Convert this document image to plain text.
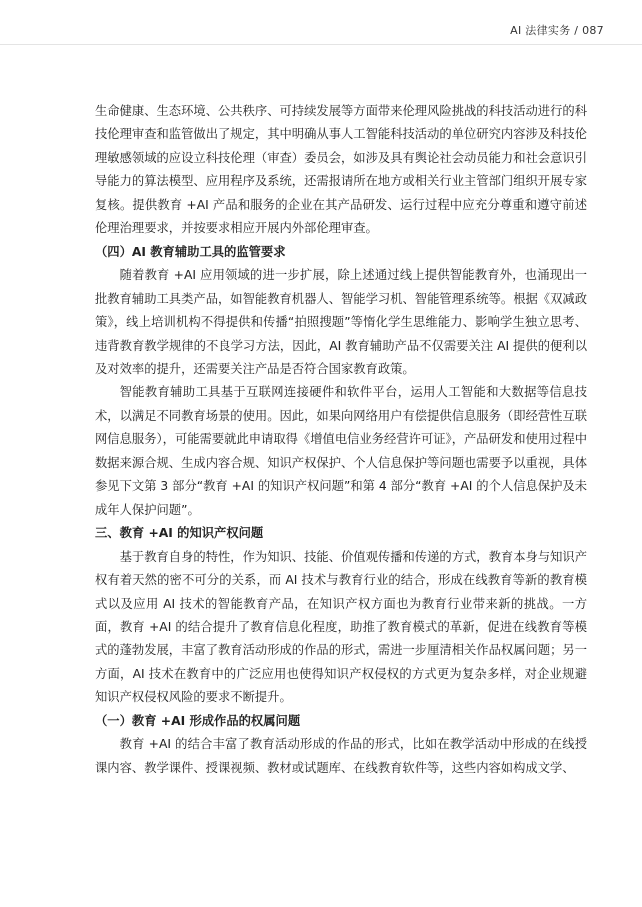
AI 法律实务 / 087

生命健康、生态环境、公共秩序、可持续发展等方面带来伦理风险挑战的科技活动进行的科技伦理审查和监管做出了规定，其中明确从事人工智能科技活动的单位研究内容涉及科技伦理敏感领域的应设立科技伦理（审查）委员会，如涉及具有舆论社会动员能力和社会意识引导能力的算法模型、应用程序及系统，还需报请所在地方或相关行业主管部门组织开展专家复核。提供教育 +AI 产品和服务的企业在其产品研发、运行过程中应充分尊重和遵守前述伦理治理要求，并按要求相应开展内外部伦理审查。

（四）AI 教育辅助工具的监管要求

随着教育 +AI 应用领域的进一步扩展，除上述通过线上提供智能教育外，也涌现出一批教育辅助工具类产品，如智能教育机器人、智能学习机、智能管理系统等。根据《双减政策》，线上培训机构不得提供和传播“拍照搜题”等惰化学生思维能力、影响学生独立思考、违背教育教学规律的不良学习方法，因此，AI 教育辅助产品不仅需要关注 AI 提供的便利以及对效率的提升，还需要关注产品是否符合国家教育政策。

智能教育辅助工具基于互联网连接硬件和软件平台，运用人工智能和大数据等信息技术，以满足不同教育场景的使用。因此，如果向网络用户有偿提供信息服务（即经营性互联网信息服务），可能需要就此申请取得《增值电信业务经营许可证》，产品研发和使用过程中数据来源合规、生成内容合规、知识产权保护、个人信息保护等问题也需要予以重视，具体参见下文第 3 部分“教育 +AI 的知识产权问题”和第 4 部分“教育 +AI 的个人信息保护及未成年人保护问题”。

三、教育 +AI 的知识产权问题

基于教育自身的特性，作为知识、技能、价值观传播和传递的方式，教育本身与知识产权有着天然的密不可分的关系，而 AI 技术与教育行业的结合，形成在线教育等新的教育模式以及应用 AI 技术的智能教育产品，在知识产权方面也为教育行业带来新的挑战。一方面，教育 +AI 的结合提升了教育信息化程度，助推了教育模式的革新，促进在线教育等模式的蓬勃发展，丰富了教育活动形成的作品的形式，需进一步厘清相关作品权属问题；另一方面，AI 技术在教育中的广泛应用也使得知识产权侵权的方式更为复杂多样，对企业规避知识产权侵权风险的要求不断提升。

（一）教育 +AI 形成作品的权属问题

教育 +AI 的结合丰富了教育活动形成的作品的形式，比如在教学活动中形成的在线授课内容、教学课件、授课视频、教材或试题库、在线教育软件等，这些内容如构成文学、
